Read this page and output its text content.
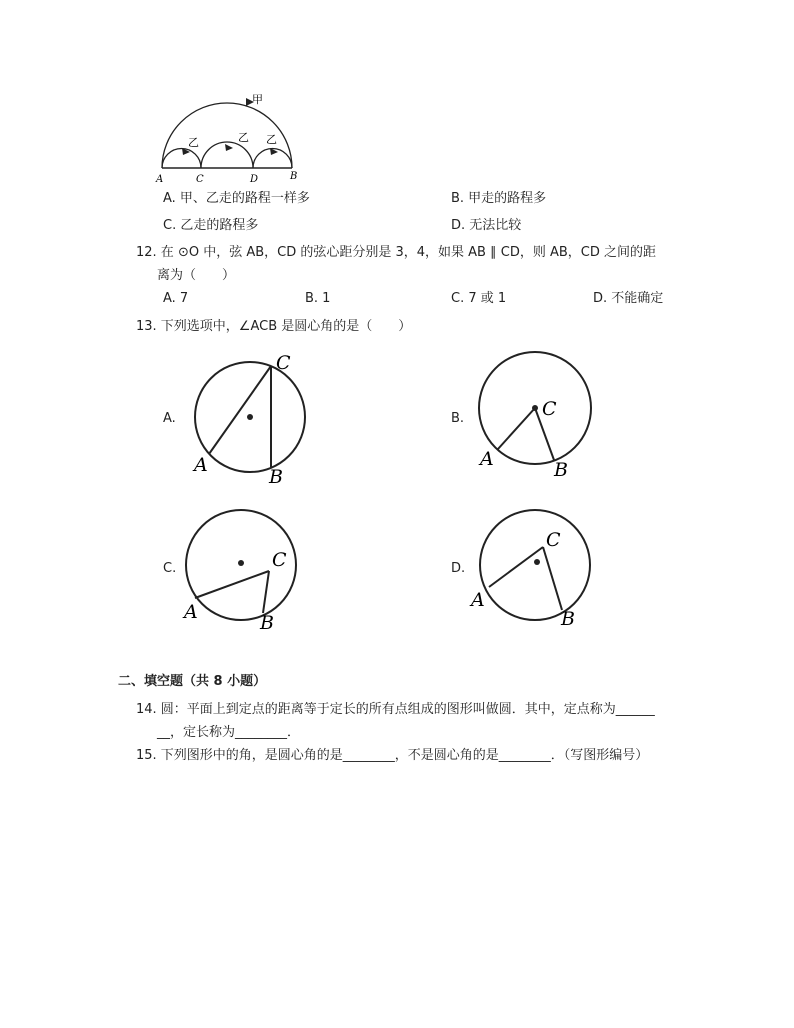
甲
乙	乙 乙
A	C	D	B
A. 甲、乙走的路程一样多	B. 甲走的路程多
C. 乙走的路程多	D. 无法比较
12. 在 ⊙O 中，弦 AB，CD 的弦心距分别是 3，4，如果 AB ∥ CD，则 AB，CD 之间的距
离为（　　）
A. 7	B. 1	C. 7 或 1	D. 不能确定
13. 下列选项中，∠ACB 是圆心角的是（　　）
A.	B.
C.	D.
C
A
B
C
A	B
C
A	B
C
A
B
二、填空题（共 8 小题）
14. 圆：平面上到定点的距离等于定长的所有点组成的图形叫做圆．其中，定点称为______
__，定长称为________．
15. 下列图形中的角，是圆心角的是________，不是圆心角的是________．（写图形编号）
